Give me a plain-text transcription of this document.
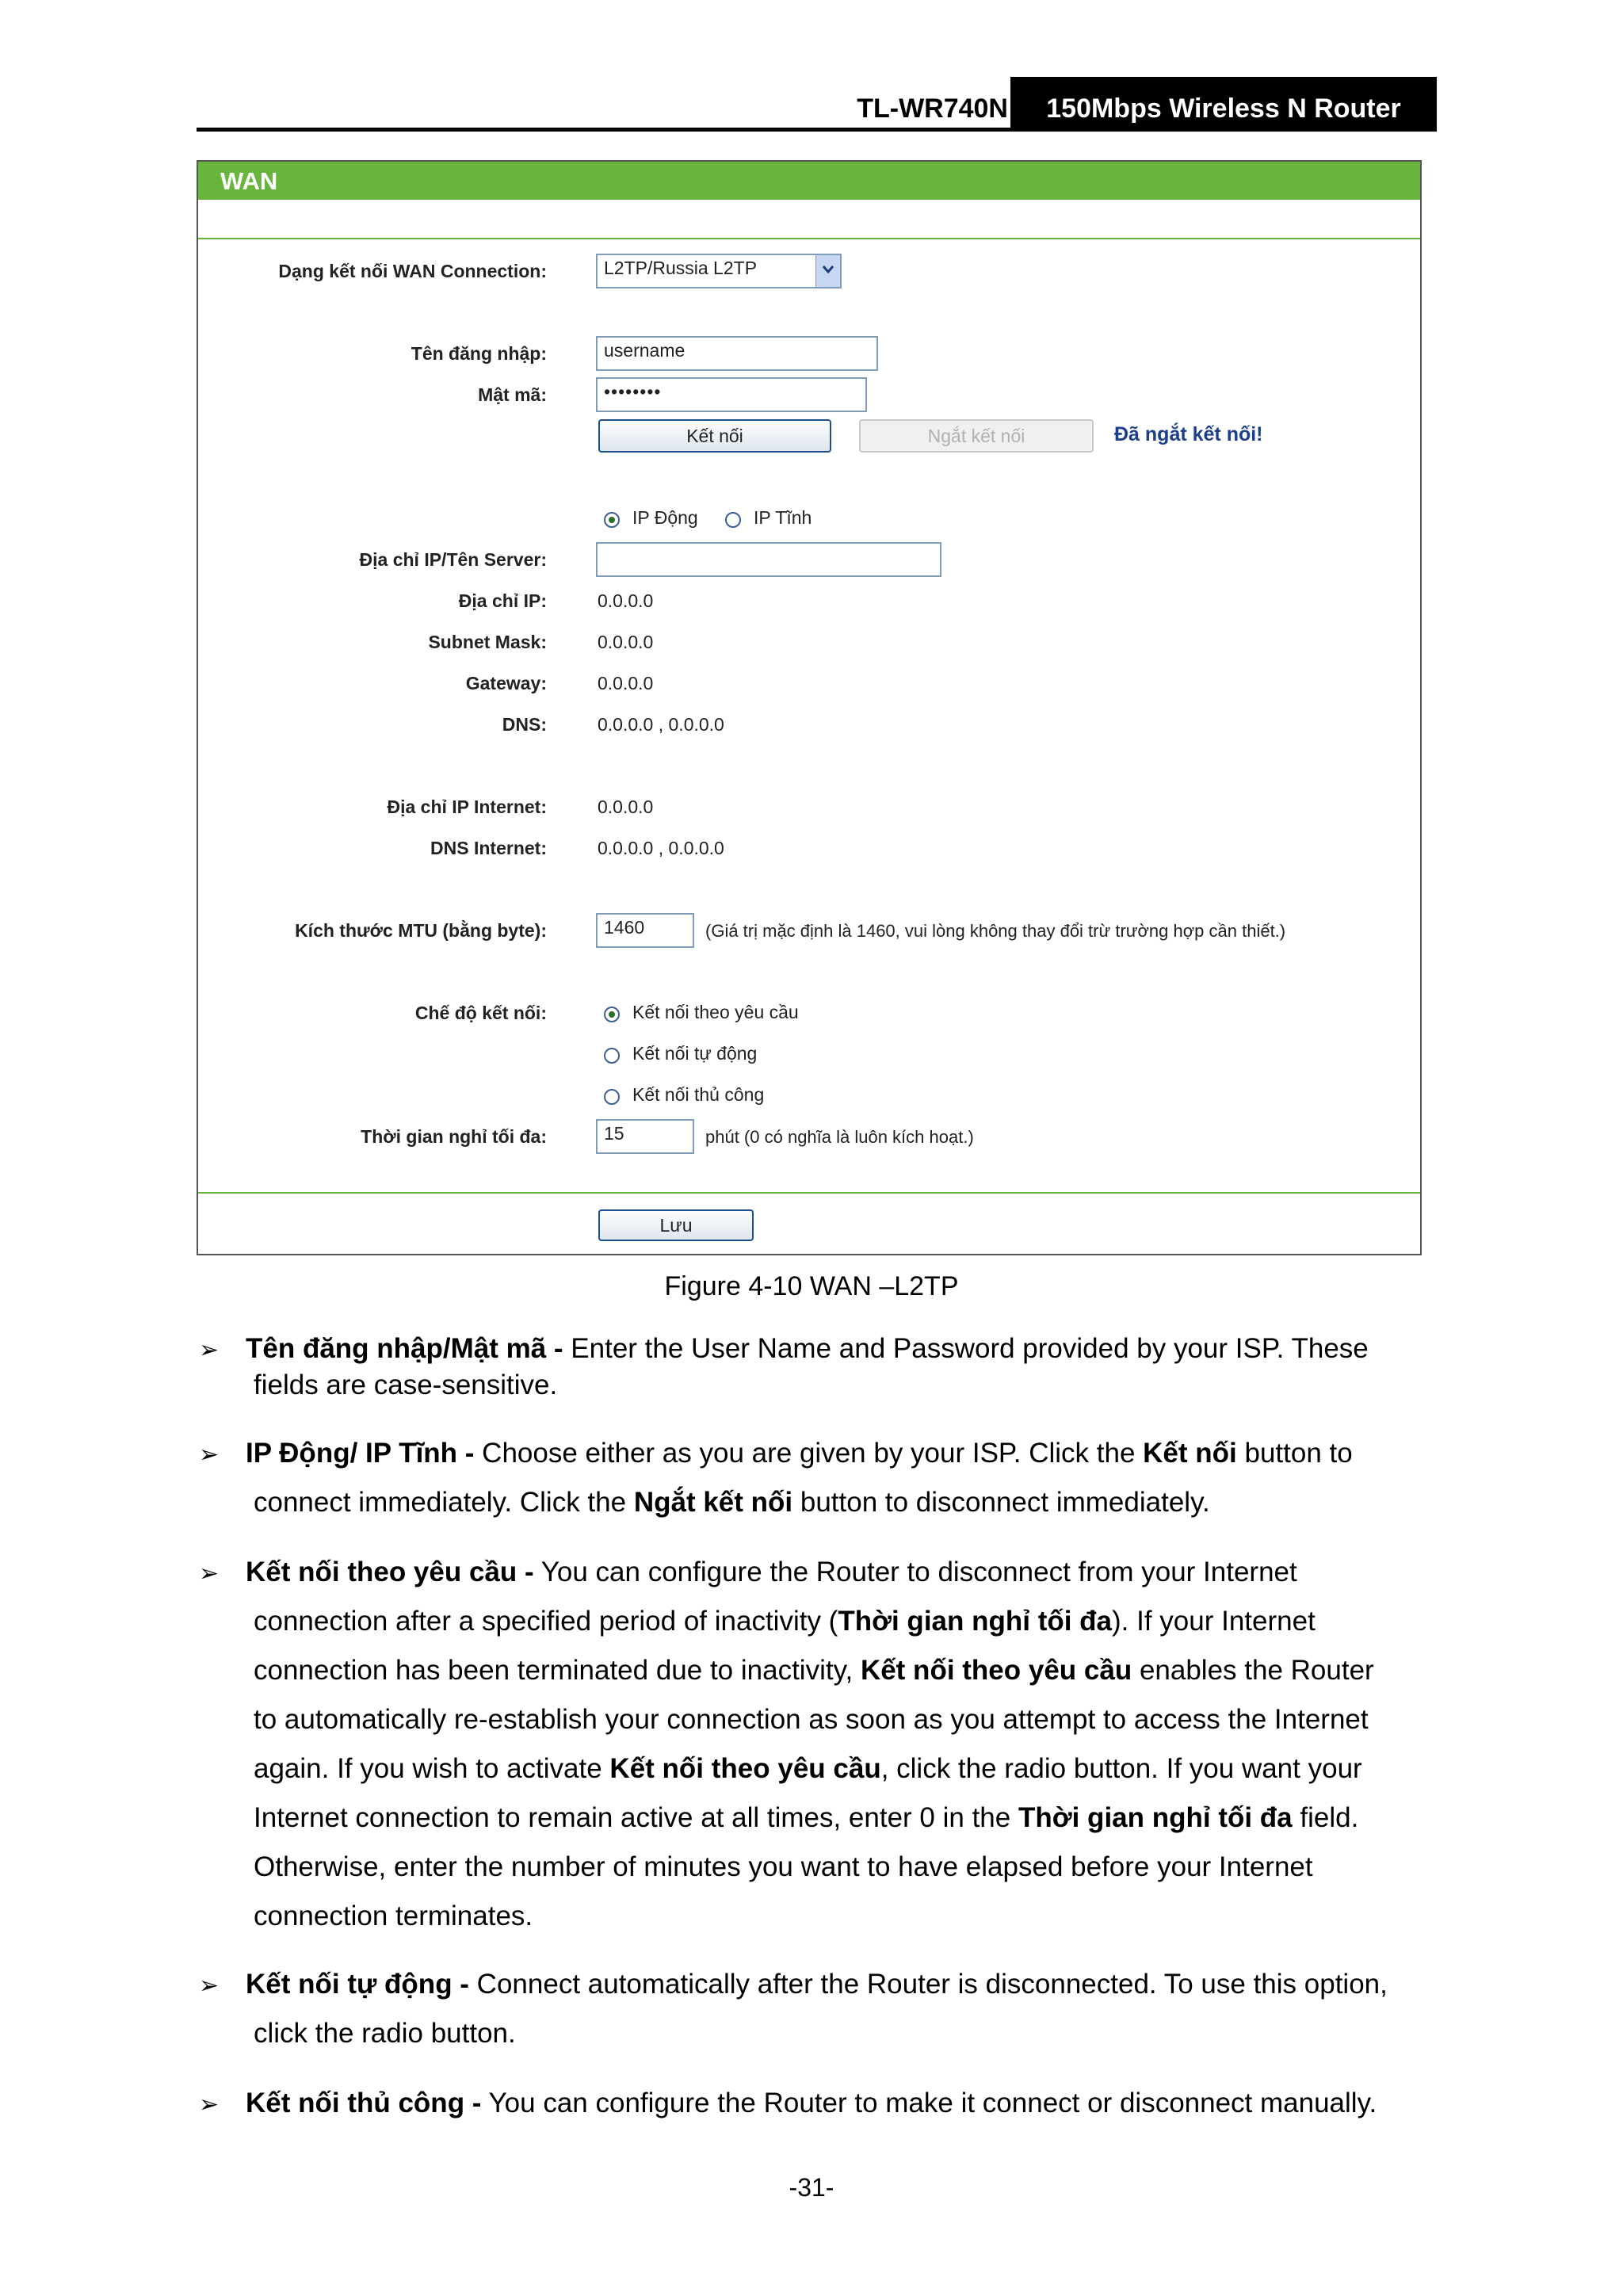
TL-WR740N	150Mbps Wireless N Router
WAN
Dạng kết nối WAN Connection:	L2TP/Russia L2TP
Tên đăng nhập:	username
Mật mã:	••••••••
Kết nối	Ngắt kết nối	Đã ngắt kết nối!
IP Động	IP Tĩnh
Địa chỉ IP/Tên Server:
Địa chỉ IP:	0.0.0.0
Subnet Mask:	0.0.0.0
Gateway:	0.0.0.0
DNS:	0.0.0.0 , 0.0.0.0
Địa chỉ IP Internet:	0.0.0.0
DNS Internet:	0.0.0.0 , 0.0.0.0
Kích thước MTU (bằng byte):	1460	(Giá trị mặc định là 1460, vui lòng không thay đổi trừ trường hợp cần thiết.)
Chế độ kết nối:	Kết nối theo yêu cầu
Kết nối tự động
Kết nối thủ công
Thời gian nghỉ tối đa:	15	phút (0 có nghĩa là luôn kích hoạt.)
Lưu
Figure 4-10 WAN –L2TP
➢ Tên đăng nhập/Mật mã - Enter the User Name and Password provided by your ISP. These
fields are case-sensitive.
➢ IP Động/ IP Tĩnh - Choose either as you are given by your ISP. Click the Kết nối button to
connect immediately. Click the Ngắt kết nối button to disconnect immediately.
➢ Kết nối theo yêu cầu - You can configure the Router to disconnect from your Internet
connection after a specified period of inactivity (Thời gian nghỉ tối đa). If your Internet
connection has been terminated due to inactivity, Kết nối theo yêu cầu enables the Router
to automatically re-establish your connection as soon as you attempt to access the Internet
again. If you wish to activate Kết nối theo yêu cầu, click the radio button. If you want your
Internet connection to remain active at all times, enter 0 in the Thời gian nghỉ tối đa field.
Otherwise, enter the number of minutes you want to have elapsed before your Internet
connection terminates.
➢ Kết nối tự động - Connect automatically after the Router is disconnected. To use this option,
click the radio button.
➢ Kết nối thủ công - You can configure the Router to make it connect or disconnect manually.
-31-
